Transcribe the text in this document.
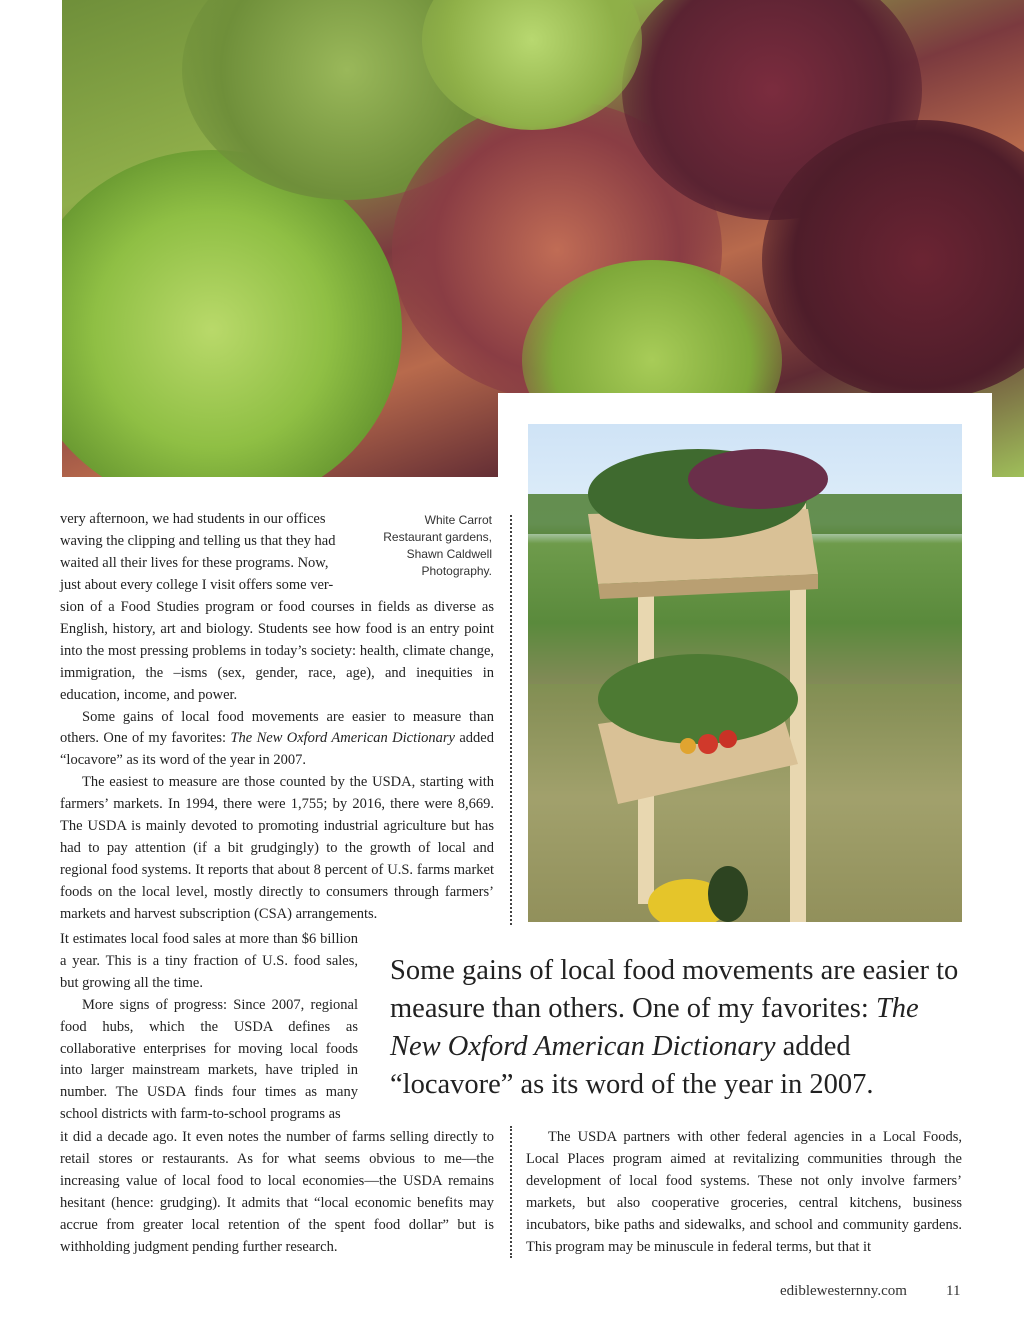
White Carrot
Restaurant gardens,
Shawn Caldwell
Photography.

very afternoon, we had students in our offices

waving the clipping and telling us that they had

waited all their lives for these programs. Now,

just about every college I visit offers some ver-

sion of a Food Studies program or food courses in fields as diverse as English, history, art and biology. Students see how food is an entry point into the most pressing problems in today’s society: health, climate change, immigration, the –isms (sex, gender, race, age), and inequities in education, income, and power.

Some gains of local food movements are easier to measure than others. One of my favorites: The New Oxford American Dictionary added “locavore” as its word of the year in 2007.

The easiest to measure are those counted by the USDA, starting with farmers’ markets. In 1994, there were 1,755; by 2016, there were 8,669. The USDA is mainly devoted to promoting industrial agriculture but has had to pay attention (if a bit grudgingly) to the growth of local and regional food systems. It reports that about 8 percent of U.S. farms market foods on the local level, mostly directly to consumers through farmers’ markets and harvest subscription (CSA) arrangements.

It estimates local food sales at more than $6 billion a year. This is a tiny fraction of U.S. food sales, but growing all the time.

More signs of progress: Since 2007, regional food hubs, which the USDA defines as collaborative enterprises for moving local foods into larger mainstream markets, have tripled in number. The USDA finds four times as many school districts with farm-to-school programs as

it did a decade ago. It even notes the number of farms selling directly to retail stores or restaurants. As for what seems obvious to me—the increasing value of local food to local economies—the USDA remains hesitant (hence: grudging). It admits that “local economic benefits may accrue from greater local retention of the spent food dollar” but is withholding judgment pending further research.

Some gains of local food movements are easier to measure than others. One of my favorites: The New Oxford American Dictionary added “locavore” as its word of the year in 2007.

The USDA partners with other federal agencies in a Local Foods, Local Places program aimed at revitalizing communities through the development of local food systems. These not only involve farmers’ markets, but also cooperative groceries, central kitchens, business incubators, bike paths and sidewalks, and school and community gardens. This program may be minuscule in federal terms, but that it

ediblewesternny.com	11
